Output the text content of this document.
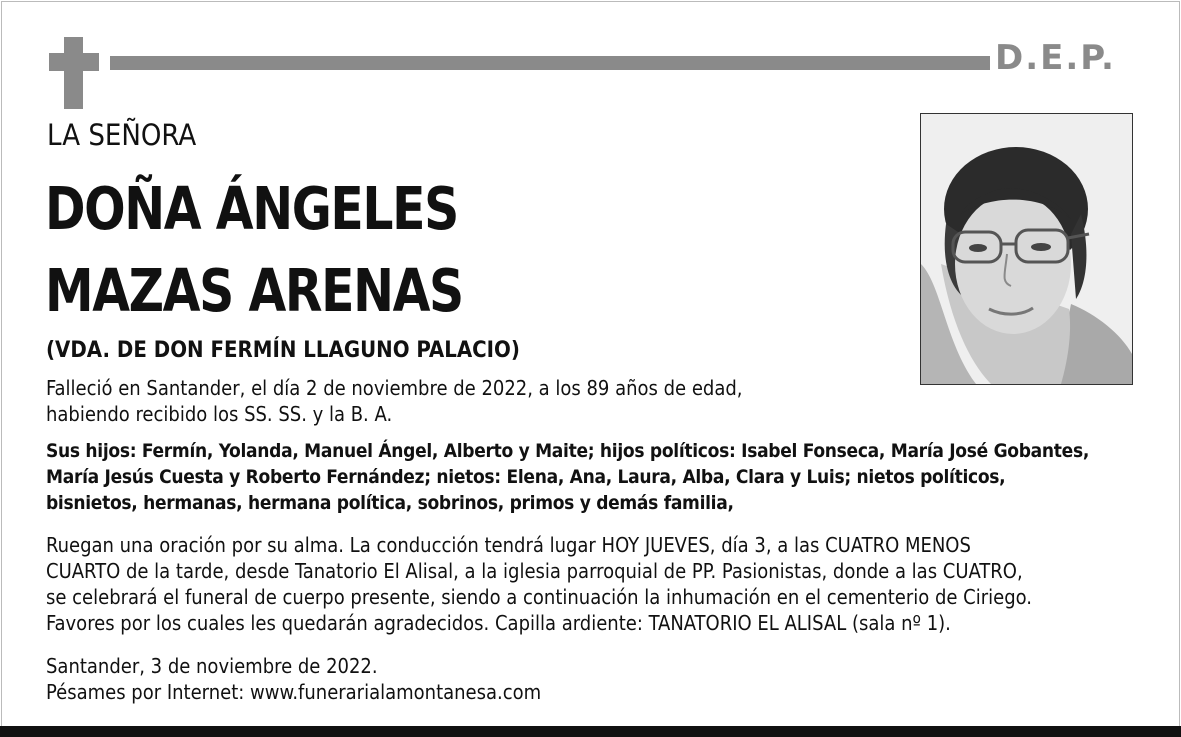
D.E.P.
LA SEÑORA
DOÑA ÁNGELES
MAZAS ARENAS
(VDA. DE DON FERMÍN LLAGUNO PALACIO)
Falleció en Santander, el día 2 de noviembre de 2022, a los 89 años de edad,
habiendo recibido los SS. SS. y la B. A.
Sus hijos: Fermín, Yolanda, Manuel Ángel, Alberto y Maite; hijos políticos: Isabel Fonseca, María José Gobantes,
María Jesús Cuesta y Roberto Fernández; nietos: Elena, Ana, Laura, Alba, Clara y Luis; nietos políticos,
bisnietos, hermanas, hermana política, sobrinos, primos y demás familia,
Ruegan una oración por su alma. La conducción tendrá lugar HOY JUEVES, día 3, a las CUATRO MENOS
CUARTO de la tarde, desde Tanatorio El Alisal, a la iglesia parroquial de PP. Pasionistas, donde a las CUATRO,
se celebrará el funeral de cuerpo presente, siendo a continuación la inhumación en el cementerio de Ciriego.
Favores por los cuales les quedarán agradecidos. Capilla ardiente: TANATORIO EL ALISAL (sala nº 1).
Santander, 3 de noviembre de 2022.
Pésames por Internet: www.funerarialamontanesa.com
